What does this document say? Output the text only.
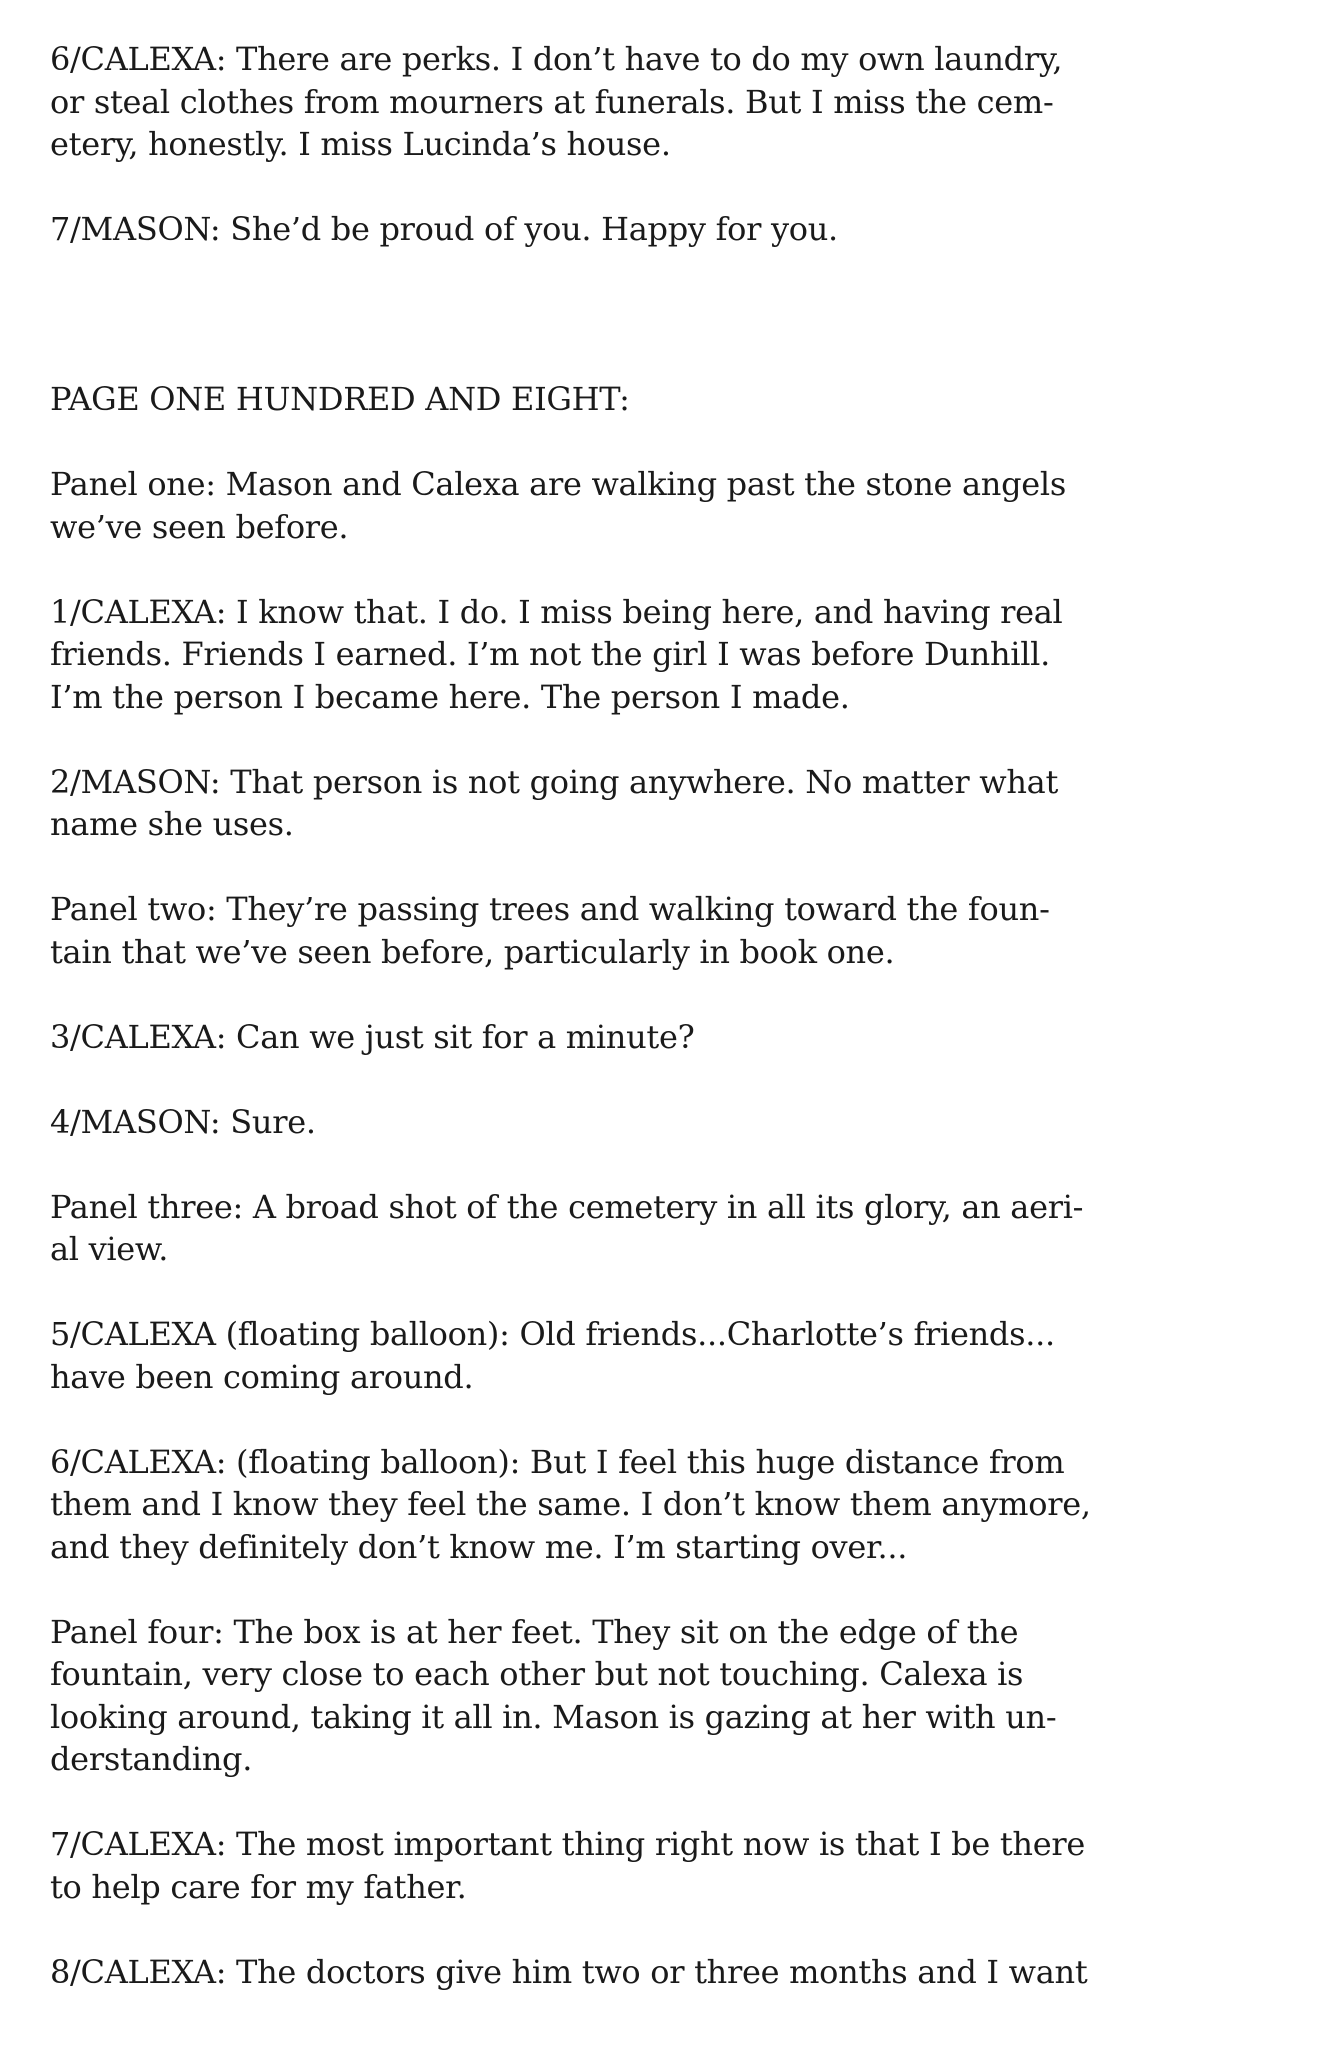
6/CALEXA: There are perks. I don’t have to do my own laundry,
or steal clothes from mourners at funerals. But I miss the cem-
etery, honestly. I miss Lucinda’s house.

7/MASON: She’d be proud of you. Happy for you.

PAGE ONE HUNDRED AND EIGHT:

Panel one: Mason and Calexa are walking past the stone angels
we’ve seen before.

1/CALEXA: I know that. I do. I miss being here, and having real
friends. Friends I earned. I’m not the girl I was before Dunhill.
I’m the person I became here. The person I made.

2/MASON: That person is not going anywhere. No matter what
name she uses.

Panel two: They’re passing trees and walking toward the foun-
tain that we’ve seen before, particularly in book one.

3/CALEXA: Can we just sit for a minute?

4/MASON: Sure.

Panel three: A broad shot of the cemetery in all its glory, an aeri-
al view.

5/CALEXA (floating balloon): Old friends...Charlotte’s friends...
have been coming around.

6/CALEXA: (floating balloon): But I feel this huge distance from
them and I know they feel the same. I don’t know them anymore,
and they definitely don’t know me. I’m starting over...

Panel four: The box is at her feet. They sit on the edge of the
fountain, very close to each other but not touching. Calexa is
looking around, taking it all in. Mason is gazing at her with un-
derstanding.

7/CALEXA: The most important thing right now is that I be there
to help care for my father.

8/CALEXA: The doctors give him two or three months and I want
